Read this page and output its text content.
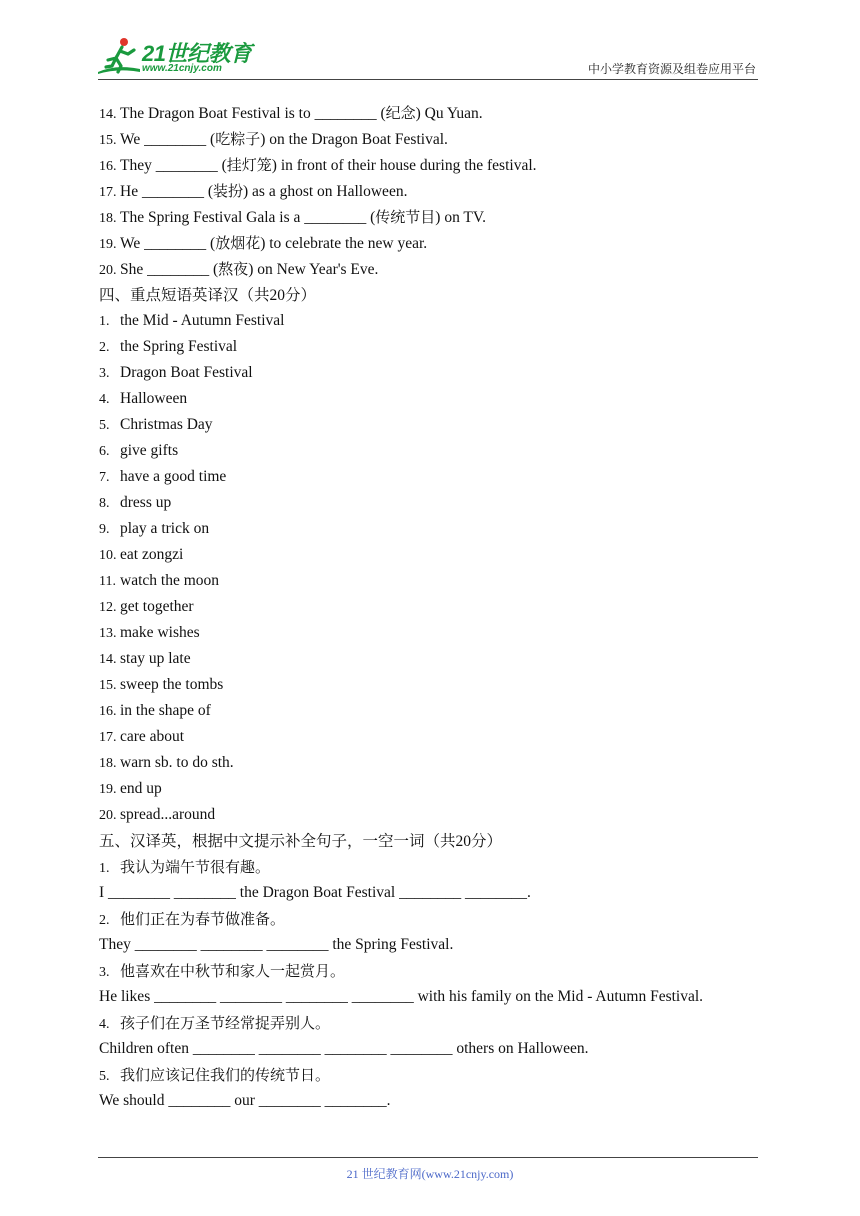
21世纪教育
www.21cnjy.com	中小学教育资源及组卷应用平台
14. The Dragon Boat Festival is to ________ (纪念) Qu Yuan.
15. We ________ (吃粽子) on the Dragon Boat Festival.
16. They ________ (挂灯笼) in front of their house during the festival.
17. He ________ (装扮) as a ghost on Halloween.
18. The Spring Festival Gala is a ________ (传统节目) on TV.
19. We ________ (放烟花) to celebrate the new year.
20. She ________ (熬夜) on New Year's Eve.
四、重点短语英译汉（共20分）
1. the Mid - Autumn Festival
2. the Spring Festival
3. Dragon Boat Festival
4. Halloween
5. Christmas Day
6. give gifts
7. have a good time
8. dress up
9. play a trick on
10. eat zongzi
11. watch the moon
12. get together
13. make wishes
14. stay up late
15. sweep the tombs
16. in the shape of
17. care about
18. warn sb. to do sth.
19. end up
20. spread...around
五、汉译英，根据中文提示补全句子，一空一词（共20分）
1. 我认为端午节很有趣。
I ________ ________ the Dragon Boat Festival ________ ________.
2. 他们正在为春节做准备。
They ________ ________ ________ the Spring Festival.
3. 他喜欢在中秋节和家人一起赏月。
He likes ________ ________ ________ ________ with his family on the Mid - Autumn Festival.
4. 孩子们在万圣节经常捉弄别人。
Children often ________ ________ ________ ________ others on Halloween.
5. 我们应该记住我们的传统节日。
We should ________ our ________ ________.
21 世纪教育网(www.21cnjy.com)
